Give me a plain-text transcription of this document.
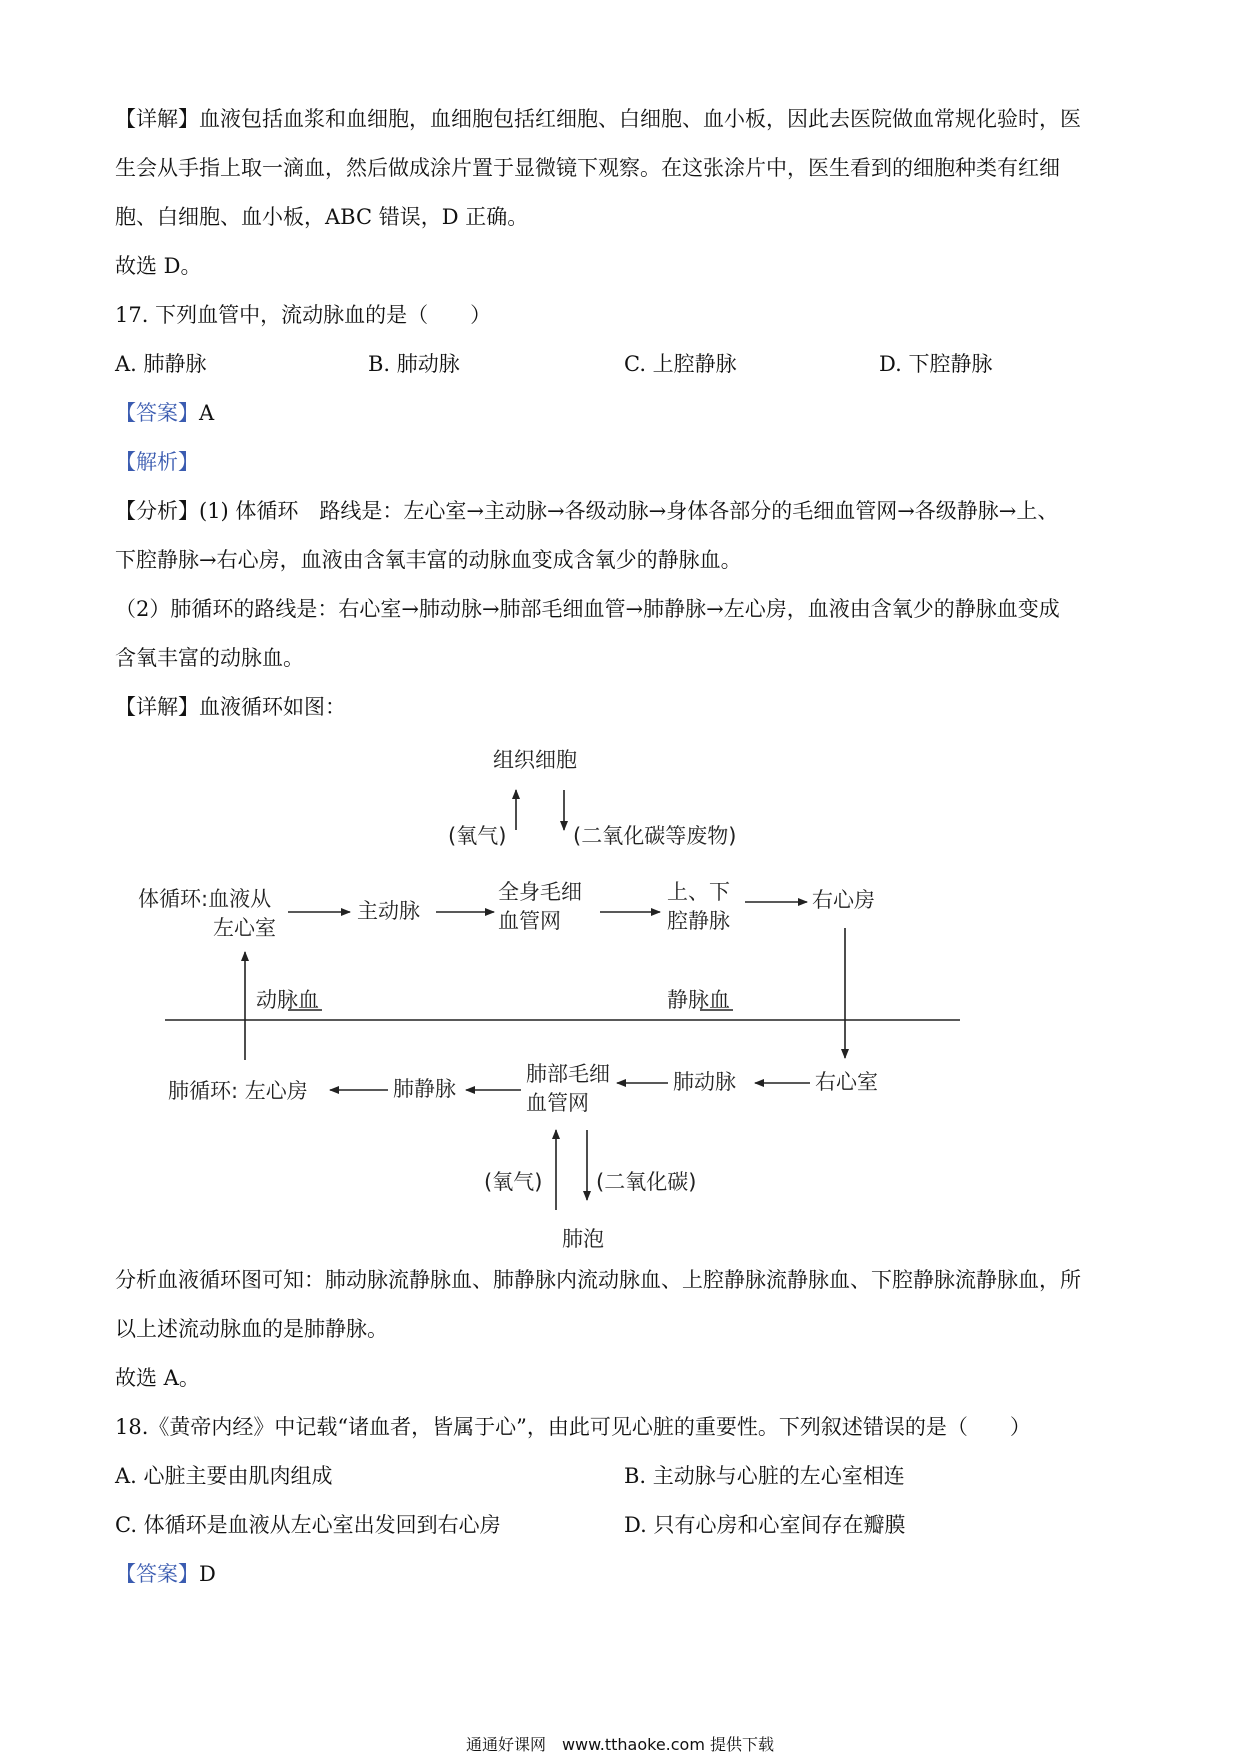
【详解】血液包括血浆和血细胞，血细胞包括红细胞、白细胞、血小板，因此去医院做血常规化验时，医
生会从手指上取一滴血，然后做成涂片置于显微镜下观察。在这张涂片中，医生看到的细胞种类有红细
胞、白细胞、血小板，ABC 错误，D 正确。
故选 D。
17. 下列血管中，流动脉血的是（　　）
A. 肺静脉	B. 肺动脉	C. 上腔静脉	D. 下腔静脉
【答案】A
【解析】
【分析】(1) 体循环　路线是：左心室→主动脉→各级动脉→身体各部分的毛细血管网→各级静脉→上、
下腔静脉→右心房，血液由含氧丰富的动脉血变成含氧少的静脉血。
（2）肺循环的路线是：右心室→肺动脉→肺部毛细血管→肺静脉→左心房，血液由含氧少的静脉血变成
含氧丰富的动脉血。
【详解】血液循环如图：
组织细胞
(氧气)	(二氧化碳等废物)
体循环:血液从
左心室
主动脉
全身毛细
血管网
上、下
腔静脉
右心房
动脉血	静脉血
肺循环: 左心房	肺静脉
肺部毛细
血管网
肺动脉	右心室
(氧气)	(二氧化碳)
肺泡
分析血液循环图可知：肺动脉流静脉血、肺静脉内流动脉血、上腔静脉流静脉血、下腔静脉流静脉血，所
以上述流动脉血的是肺静脉。
故选 A。
18.《黄帝内经》中记载“诸血者，皆属于心”，由此可见心脏的重要性。下列叙述错误的是（　　）
A. 心脏主要由肌肉组成	B. 主动脉与心脏的左心室相连
C. 体循环是血液从左心室出发回到右心房	D. 只有心房和心室间存在瓣膜
【答案】D
通通好课网　www.tthaoke.com 提供下载
